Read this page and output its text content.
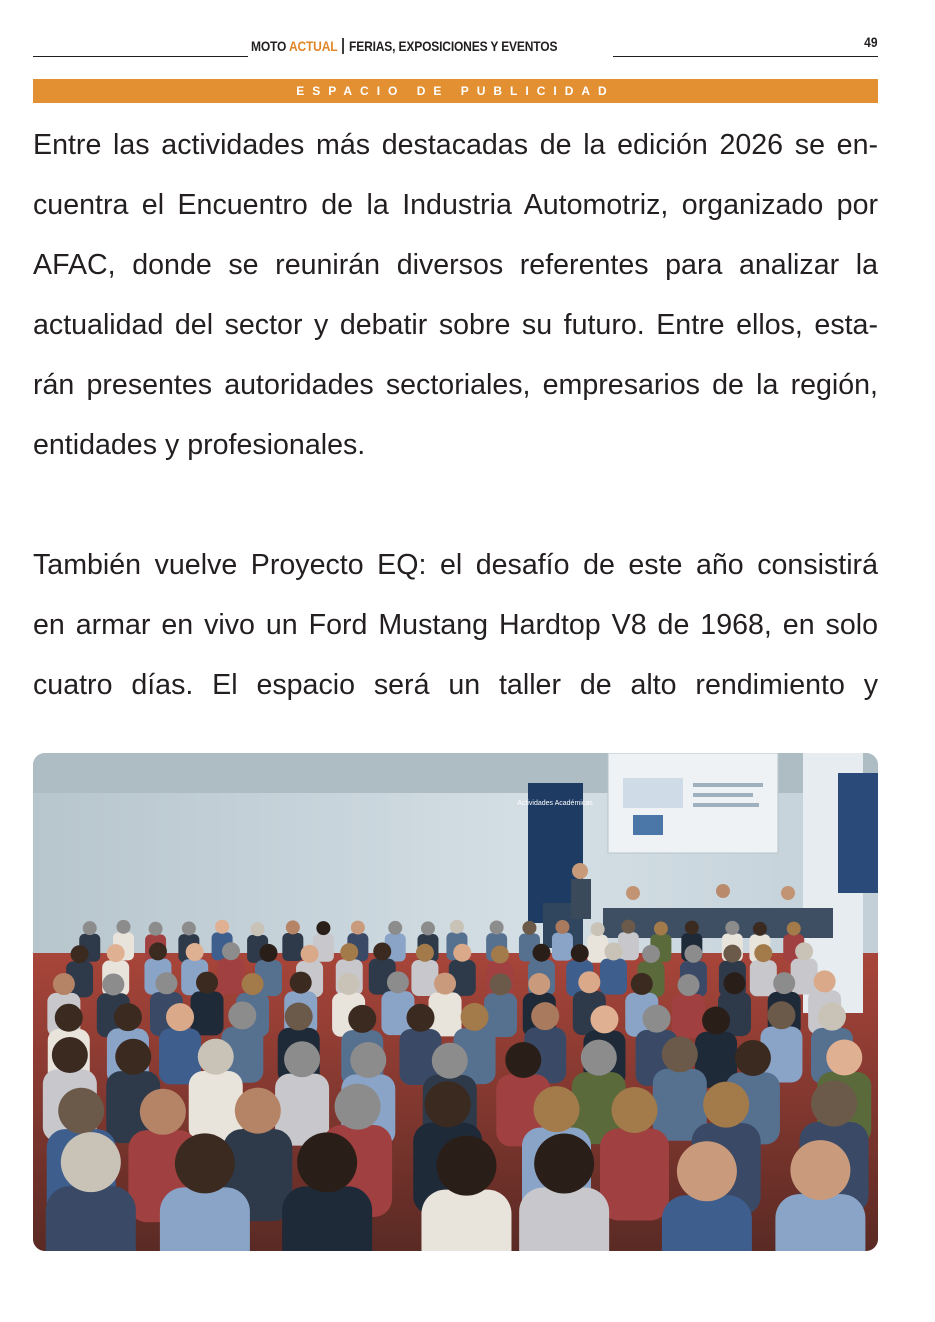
MOTO ACTUAL FERIAS, EXPOSICIONES Y EVENTOS	49
ESPACIO DE PUBLICIDAD
Entre las actividades más destacadas de la edición 2026 se en-
cuentra el Encuentro de la Industria Automotriz, organizado por
AFAC, donde se reunirán diversos referentes para analizar la
actualidad del sector y debatir sobre su futuro. Entre ellos, esta-
rán presentes autoridades sectoriales, empresarios de la región,
entidades y profesionales.
También vuelve Proyecto EQ: el desafío de este año consistirá
en armar en vivo un Ford Mustang Hardtop V8 de 1968, en solo
cuatro días. El espacio será un taller de alto rendimiento y
Actividades Académicas
